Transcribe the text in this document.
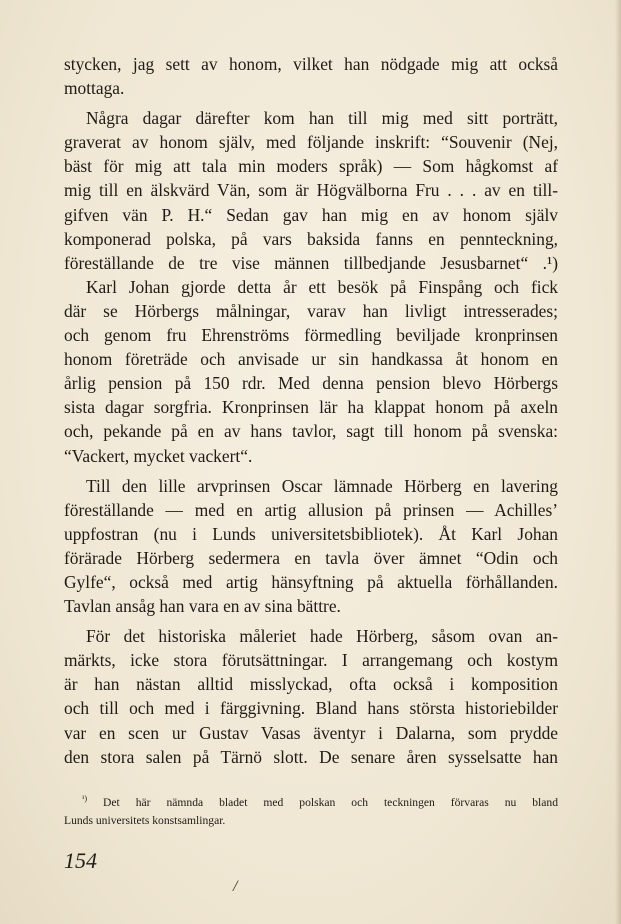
stycken, jag sett av honom, vilket han nödgade mig att också
mottaga.
Några dagar därefter kom han till mig med sitt porträtt,
graverat av honom själv, med följande inskrift: “Souvenir (Nej,
bäst för mig att tala min moders språk) — Som hågkomst af
mig till en älskvärd Vän, som är Högvälborna Fru . . . av en till-
gifven vän P. H.“ Sedan gav han mig en av honom själv
komponerad polska, på vars baksida fanns en pennteckning,
föreställande de tre vise männen tillbedjande Jesusbarnet“ .¹)
Karl Johan gjorde detta år ett besök på Finspång och fick
där se Hörbergs målningar, varav han livligt intresserades;
och genom fru Ehrenströms förmedling beviljade kronprinsen
honom företräde och anvisade ur sin handkassa åt honom en
årlig pension på 150 rdr. Med denna pension blevo Hörbergs
sista dagar sorgfria. Kronprinsen lär ha klappat honom på axeln
och, pekande på en av hans tavlor, sagt till honom på svenska:
“Vackert, mycket vackert“.
Till den lille arvprinsen Oscar lämnade Hörberg en lavering
föreställande — med en artig allusion på prinsen — Achilles’
uppfostran (nu i Lunds universitetsbibliotek). Åt Karl Johan
förärade Hörberg sedermera en tavla över ämnet “Odin och
Gylfe“, också med artig hänsyftning på aktuella förhållanden.
Tavlan ansåg han vara en av sina bättre.
För det historiska måleriet hade Hörberg, såsom ovan an-
märkts, icke stora förutsättningar. I arrangemang och kostym
är han nästan alltid misslyckad, ofta också i komposition
och till och med i färggivning. Bland hans största historiebilder
var en scen ur Gustav Vasas äventyr i Dalarna, som prydde
den stora salen på Tärnö slott. De senare åren sysselsatte han
$^{^1)}$ Det här nämnda bladet med polskan och teckningen förvaras nu bland
Lunds universitets konstsamlingar.
154
/
